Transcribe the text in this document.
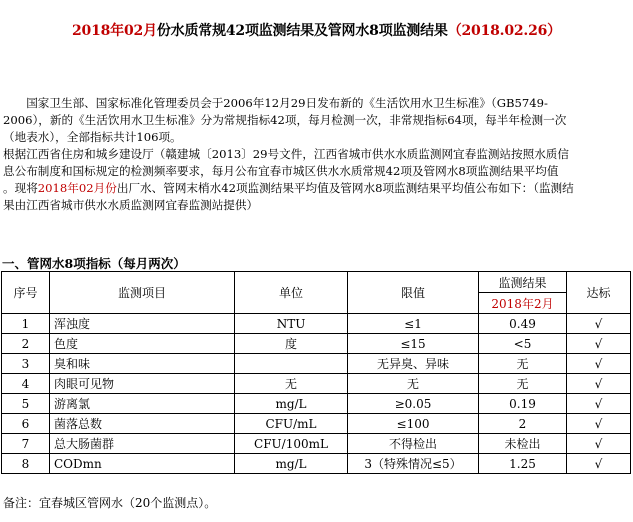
2018年02月份水质常规42项监测结果及管网水8项监测结果（2018.02.26）
　　国家卫生部、国家标准化管理委员会于2006年12月29日发布新的《生活饮用水卫生标准》（GB5749-
2006），新的《生活饮用水卫生标准》分为常规指标42项，每月检测一次，非常规指标64项，每半年检测一次
（地表水），全部指标共计106项。
根据江西省住房和城乡建设厅（赣建城〔2013〕29号文件，江西省城市供水水质监测网宜春监测站按照水质信
息公布制度和国标规定的检测频率要求，每月公布宜春市城区供水水质常规42项及管网水8项监测结果平均值
。现将2018年02月份出厂水、管网末梢水42项监测结果平均值及管网水8项监测结果平均值公布如下：（监测结
果由江西省城市供水水质监测网宜春监测站提供）
一、管网水8项指标（每月两次）
序号	监测项目	单位	限值	监测结果	达标
				2018年2月	
1	浑浊度	NTU	≤1	0.49	√
2	色度	度	≤15	<5	√
3	臭和味		无异臭、异味	无	√
4	肉眼可见物	无	无	无	√
5	游离氯	mg/L	≥0.05	0.19	√
6	菌落总数	CFU/mL	≤100	2	√
7	总大肠菌群	CFU/100mL	不得检出	未检出	√
8	CODmn	mg/L	3（特殊情况≤5）	1.25	√
备注：宜春城区管网水（20个监测点）。
